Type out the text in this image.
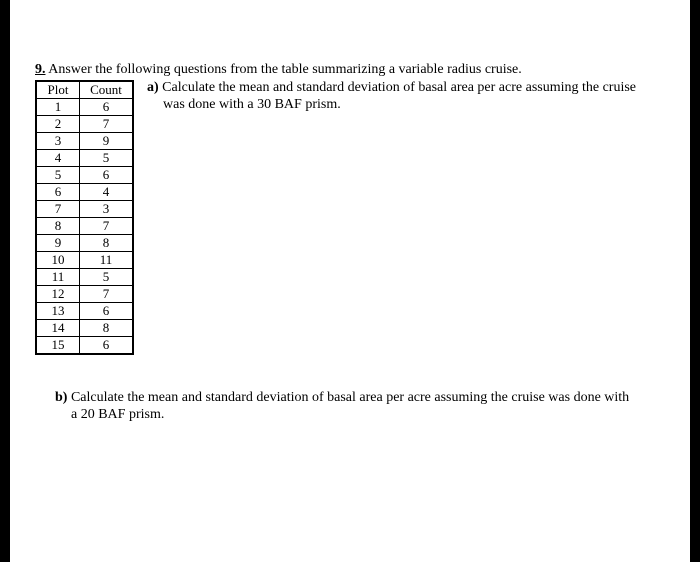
9. Answer the following questions from the table summarizing a variable radius cruise.
Plot	Count
1	6
2	7
3	9
4	5
5	6
6	4
7	3
8	7
9	8
10	11
11	5
12	7
13	6
14	8
15	6
a) Calculate the mean and standard deviation of basal area per acre assuming the cruise
was done with a 30 BAF prism.
b) Calculate the mean and standard deviation of basal area per acre assuming the cruise was done with
a 20 BAF prism.
